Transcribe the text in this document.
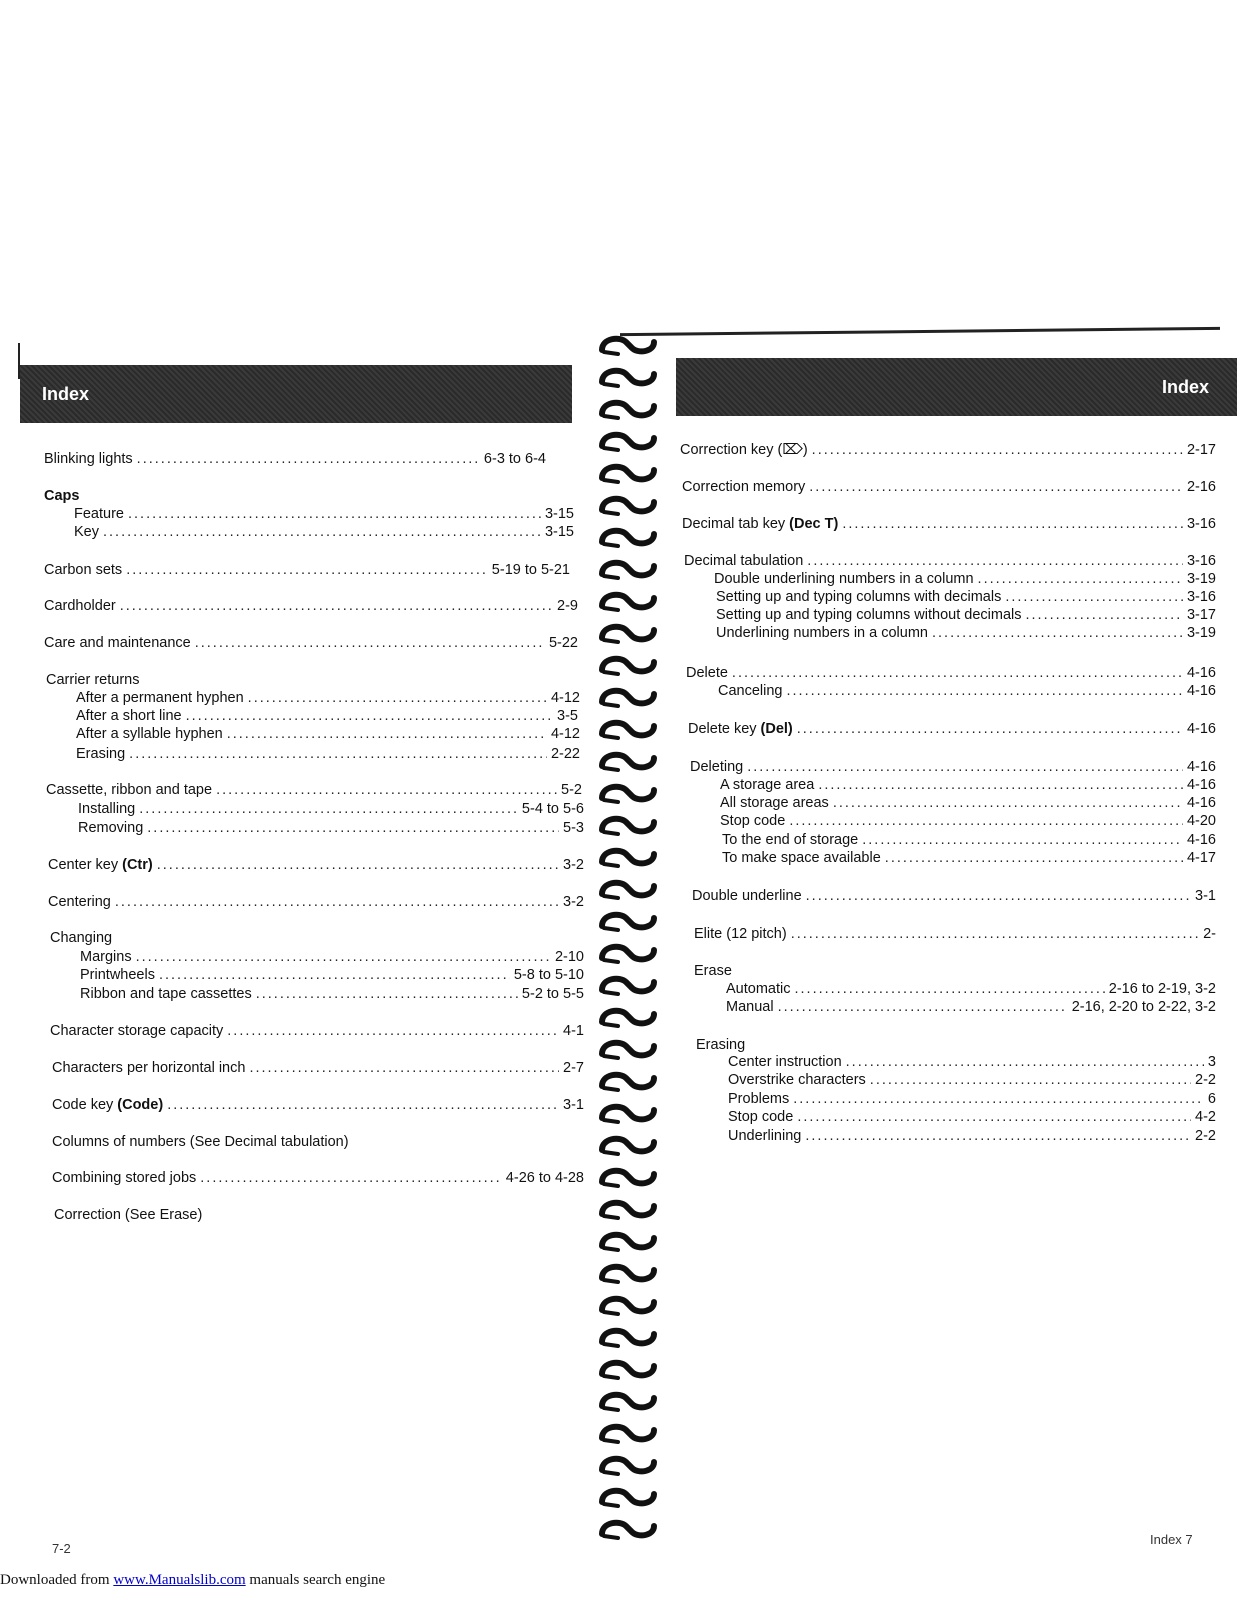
Index
Blinking lights .....	6-3 to 6-4
Caps
Feature .....	3-15
Key .....	3-15
Carbon sets .....	5-19 to 5-21
Cardholder .....	2-9
Care and maintenance .....	5-22
Carrier returns
After a permanent hyphen .....	4-12
After a short line .....	3-5
After a syllable hyphen .....	4-12
Erasing .....	2-22
Cassette, ribbon and tape .....	5-2
Installing .....	5-4 to 5-6
Removing .....	5-3
Center key (Ctr) .....	3-2
Centering .....	3-2
Changing
Margins .....	2-10
Printwheels .....	5-8 to 5-10
Ribbon and tape cassettes .....	5-2 to 5-5
Character storage capacity .....	4-1
Characters per horizontal inch .....	2-7
Code key (Code) .....	3-1
Columns of numbers (See Decimal tabulation)
Combining stored jobs .....	4-26 to 4-28
Correction (See Erase)
7-2
Index
Correction key (⌦) .....	2-17
Correction memory .....	2-16
Decimal tab key (Dec T) .....	3-16
Decimal tabulation .....	3-16
Double underlining numbers in a column .....	3-19
Setting up and typing columns with decimals .....	3-16
Setting up and typing columns without decimals .....	3-17
Underlining numbers in a column .....	3-19
Delete .....	4-16
Canceling .....	4-16
Delete key (Del) .....	4-16
Deleting .....	4-16
A storage area .....	4-16
All storage areas .....	4-16
Stop code .....	4-20
To the end of storage .....	4-16
To make space available .....	4-17
Double underline .....	3-1
Elite (12 pitch) .....	2-
Erase
Automatic .....	2-16 to 2-19, 3-2
Manual .....	2-16, 2-20 to 2-22, 3-2
Erasing
Center instruction .....	3
Overstrike characters .....	2-2
Problems .....	6
Stop code .....	4-2
Underlining .....	2-2
Index 7
Downloaded from www.Manualslib.com manuals search engine
